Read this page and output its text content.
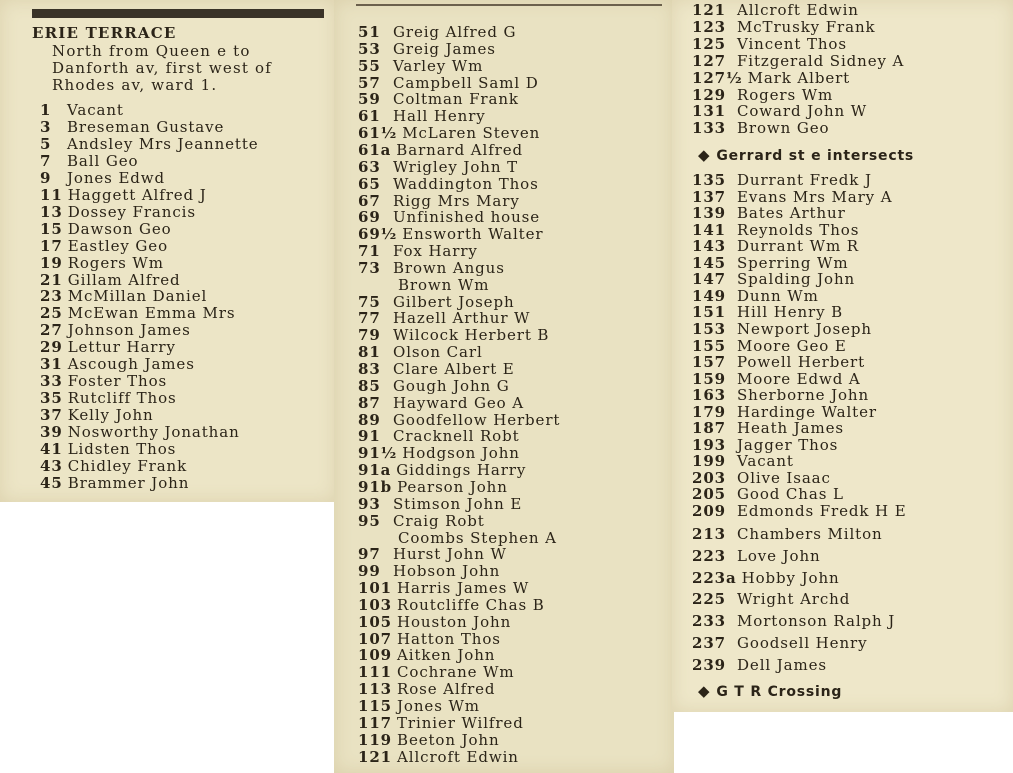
ERIE TERRACE
North from Queen e to
Danforth av, first west of
Rhodes av, ward 1.
1 Vacant
3 Breseman Gustave
5 Andsley Mrs Jeannette
7 Ball Geo
9 Jones Edwd
11 Haggett Alfred J
13 Dossey Francis
15 Dawson Geo
17 Eastley Geo
19 Rogers Wm
21 Gillam Alfred
23 McMillan Daniel
25 McEwan Emma Mrs
27 Johnson James
29 Lettur Harry
31 Ascough James
33 Foster Thos
35 Rutcliff Thos
37 Kelly John
39 Nosworthy Jonathan
41 Lidsten Thos
43 Chidley Frank
45 Brammer John
51 Greig Alfred G
53 Greig James
55 Varley Wm
57 Campbell Saml D
59 Coltman Frank
61 Hall Henry
61½ McLaren Steven
61a Barnard Alfred
63 Wrigley John T
65 Waddington Thos
67 Rigg Mrs Mary
69 Unfinished house
69½ Ensworth Walter
71 Fox Harry
73 Brown Angus
Brown Wm
75 Gilbert Joseph
77 Hazell Arthur W
79 Wilcock Herbert B
81 Olson Carl
83 Clare Albert E
85 Gough John G
87 Hayward Geo A
89 Goodfellow Herbert
91 Cracknell Robt
91½ Hodgson John
91a Giddings Harry
91b Pearson John
93 Stimson John E
95 Craig Robt
Coombs Stephen A
97 Hurst John W
99 Hobson John
101 Harris James W
103 Routcliffe Chas B
105 Houston John
107 Hatton Thos
109 Aitken John
111 Cochrane Wm
113 Rose Alfred
115 Jones Wm
117 Trinier Wilfred
119 Beeton John
121 Allcroft Edwin
121 Allcroft Edwin
123 McTrusky Frank
125 Vincent Thos
127 Fitzgerald Sidney A
127½ Mark Albert
129 Rogers Wm
131 Coward John W
133 Brown Geo
◆ Gerrard st e intersects
135 Durrant Fredk J
137 Evans Mrs Mary A
139 Bates Arthur
141 Reynolds Thos
143 Durrant Wm R
145 Sperring Wm
147 Spalding John
149 Dunn Wm
151 Hill Henry B
153 Newport Joseph
155 Moore Geo E
157 Powell Herbert
159 Moore Edwd A
163 Sherborne John
179 Hardinge Walter
187 Heath James
193 Jagger Thos
199 Vacant
203 Olive Isaac
205 Good Chas L
209 Edmonds Fredk H E
213 Chambers Milton
223 Love John
223a Hobby John
225 Wright Archd
233 Mortonson Ralph J
237 Goodsell Henry
239 Dell James
◆ G T R Crossing
